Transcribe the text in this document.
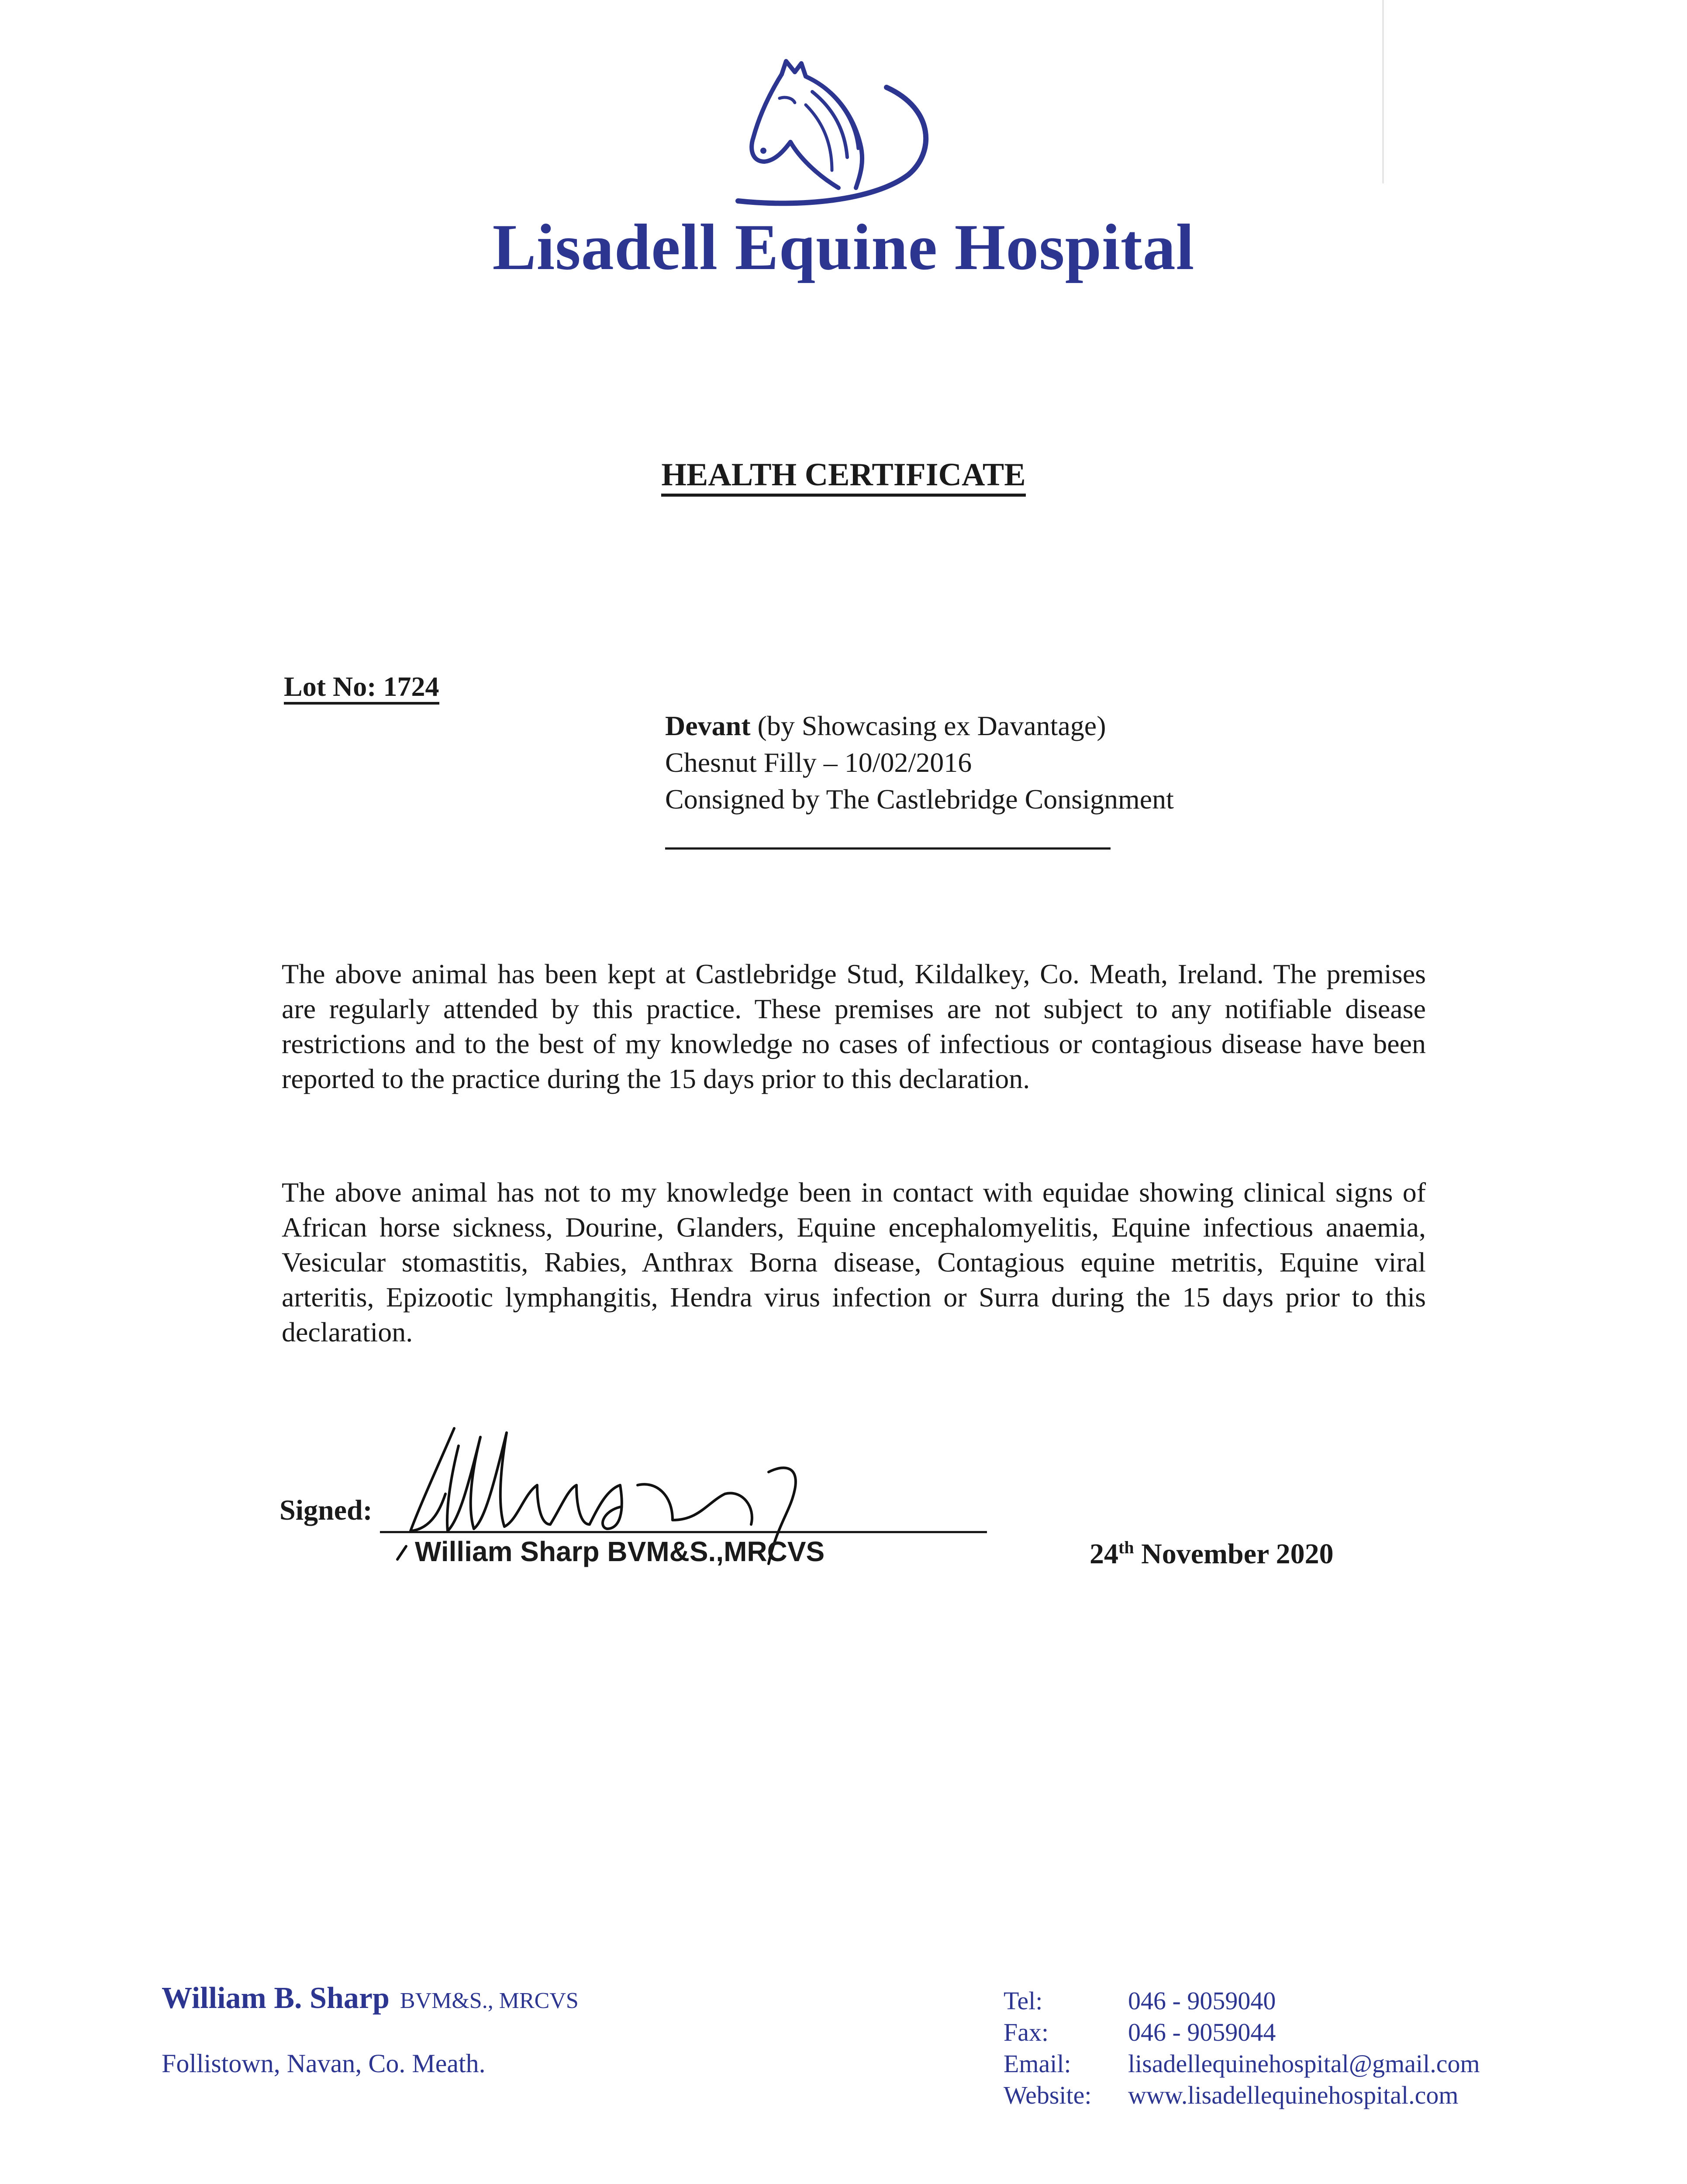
Lisadell Equine Hospital
HEALTH CERTIFICATE
Lot No: 1724
Devant (by Showcasing ex Davantage)
Chesnut Filly – 10/02/2016
Consigned by The Castlebridge Consignment
The above animal has been kept at Castlebridge Stud, Kildalkey, Co. Meath, Ireland. The premises are regularly attended by this practice. These premises are not subject to any notifiable disease restrictions and to the best of my knowledge no cases of infectious or contagious disease have been reported to the practice during the 15 days prior to this declaration.
The above animal has not to my knowledge been in contact with equidae showing clinical signs of African horse sickness, Dourine, Glanders, Equine encephalomyelitis, Equine infectious anaemia, Vesicular stomastitis, Rabies, Anthrax Borna disease, Contagious equine metritis, Equine viral arteritis, Epizootic lymphangitis, Hendra virus infection or Surra during the 15 days prior to this declaration.
Signed:
William Sharp BVM&S.,MRCVS	24th November 2020
William B. Sharp BVM&S., MRCVS
Follistown, Navan, Co. Meath.
Tel:	046 - 9059040
Fax:	046 - 9059044
Email:	lisadellequinehospital@gmail.com
Website:	www.lisadellequinehospital.com
